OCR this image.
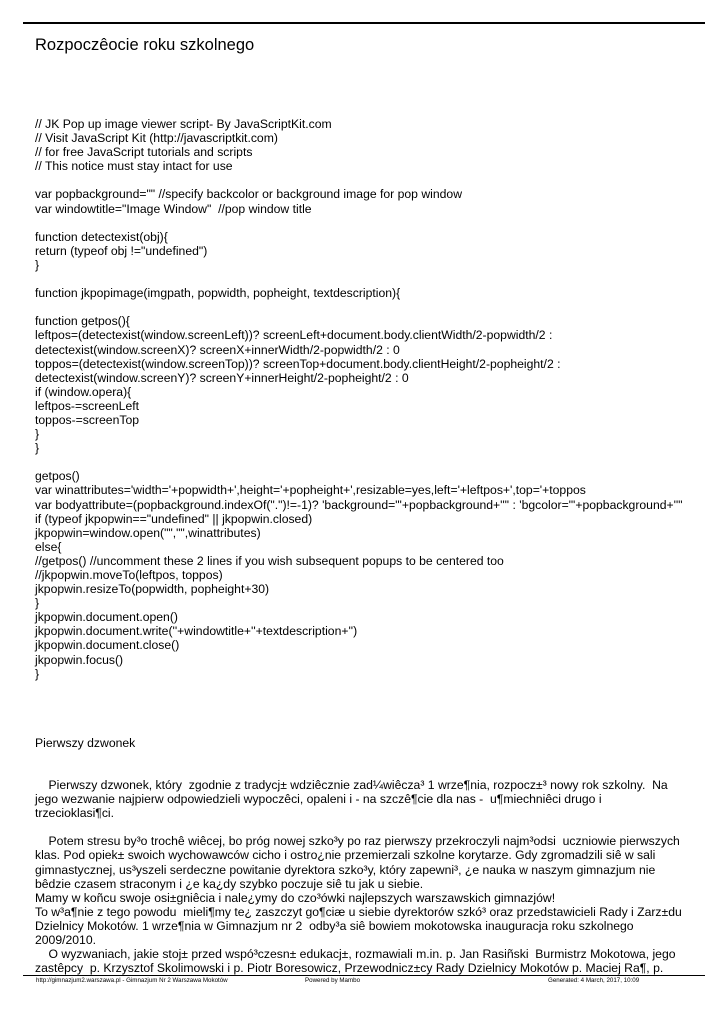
Rozpoczêocie roku szkolnego
// JK Pop up image viewer script- By JavaScriptKit.com
// Visit JavaScript Kit (http://javascriptkit.com)
// for free JavaScript tutorials and scripts
// This notice must stay intact for use
var popbackground="" //specify backcolor or background image for pop window
var windowtitle="Image Window"  //pop window title
function detectexist(obj){
return (typeof obj !="undefined")
}
function jkpopimage(imgpath, popwidth, popheight, textdescription){
function getpos(){
leftpos=(detectexist(window.screenLeft))? screenLeft+document.body.clientWidth/2-popwidth/2 :
detectexist(window.screenX)? screenX+innerWidth/2-popwidth/2 : 0
toppos=(detectexist(window.screenTop))? screenTop+document.body.clientHeight/2-popheight/2 :
detectexist(window.screenY)? screenY+innerHeight/2-popheight/2 : 0
if (window.opera){
leftpos-=screenLeft
toppos-=screenTop
}
}
getpos()
var winattributes='width='+popwidth+',height='+popheight+',resizable=yes,left='+leftpos+',top='+toppos
var bodyattribute=(popbackground.indexOf(".")!=-1)? 'background="'+popbackground+'"' : 'bgcolor="'+popbackground+'"'
if (typeof jkpopwin=="undefined" || jkpopwin.closed)
jkpopwin=window.open("","",winattributes)
else{
//getpos() //uncomment these 2 lines if you wish subsequent popups to be centered too
//jkpopwin.moveTo(leftpos, toppos)
jkpopwin.resizeTo(popwidth, popheight+30)
}
jkpopwin.document.open()
jkpopwin.document.write(''+windowtitle+''+textdescription+'')
jkpopwin.document.close()
jkpopwin.focus()
}
Pierwszy dzwonek
Pierwszy dzwonek, który  zgodnie z tradycj± wdziêcznie zad¼wiêcza³ 1 wrze¶nia, rozpocz±³ nowy rok szkolny.  Na
jego wezwanie najpierw odpowiedzieli wypoczêci, opaleni i - na szczê¶cie dla nas -  u¶miechniêci drugo i
trzecioklasi¶ci.
Potem stresu by³o trochê wiêcej, bo próg nowej szko³y po raz pierwszy przekroczyli najm³odsi  uczniowie pierwszych
klas. Pod opiek± swoich wychowawców cicho i ostro¿nie przemierzali szkolne korytarze. Gdy zgromadzili siê w sali
gimnastycznej, us³yszeli serdeczne powitanie dyrektora szko³y, który zapewni³, ¿e nauka w naszym gimnazjum nie
bêdzie czasem straconym i ¿e ka¿dy szybko poczuje siê tu jak u siebie.
Mamy w koñcu swoje osi±gniêcia i nale¿ymy do czo³ówki najlepszych warszawskich gimnazjów!
To w³a¶nie z tego powodu  mieli¶my te¿ zaszczyt go¶ciæ u siebie dyrektorów szkó³ oraz przedstawicieli Rady i Zarz±du
Dzielnicy Mokotów. 1 wrze¶nia w Gimnazjum nr 2  odby³a siê bowiem mokotowska inauguracja roku szkolnego
2009/2010.
O wyzwaniach, jakie stoj± przed wspó³czesn± edukacj±, rozmawiali m.in. p. Jan Rasiñski  Burmistrz Mokotowa, jego
zastêpcy  p. Krzysztof Skolimowski i p. Piotr Boresowicz, Przewodnicz±cy Rady Dzielnicy Mokotów p. Maciej Ra¶, p.
http://gimnazjum2.warszawa.pl - Gimnazjum Nr 2 Warszawa Mokotów	Powered by Mambo	Generated: 4 March, 2017, 10:09
